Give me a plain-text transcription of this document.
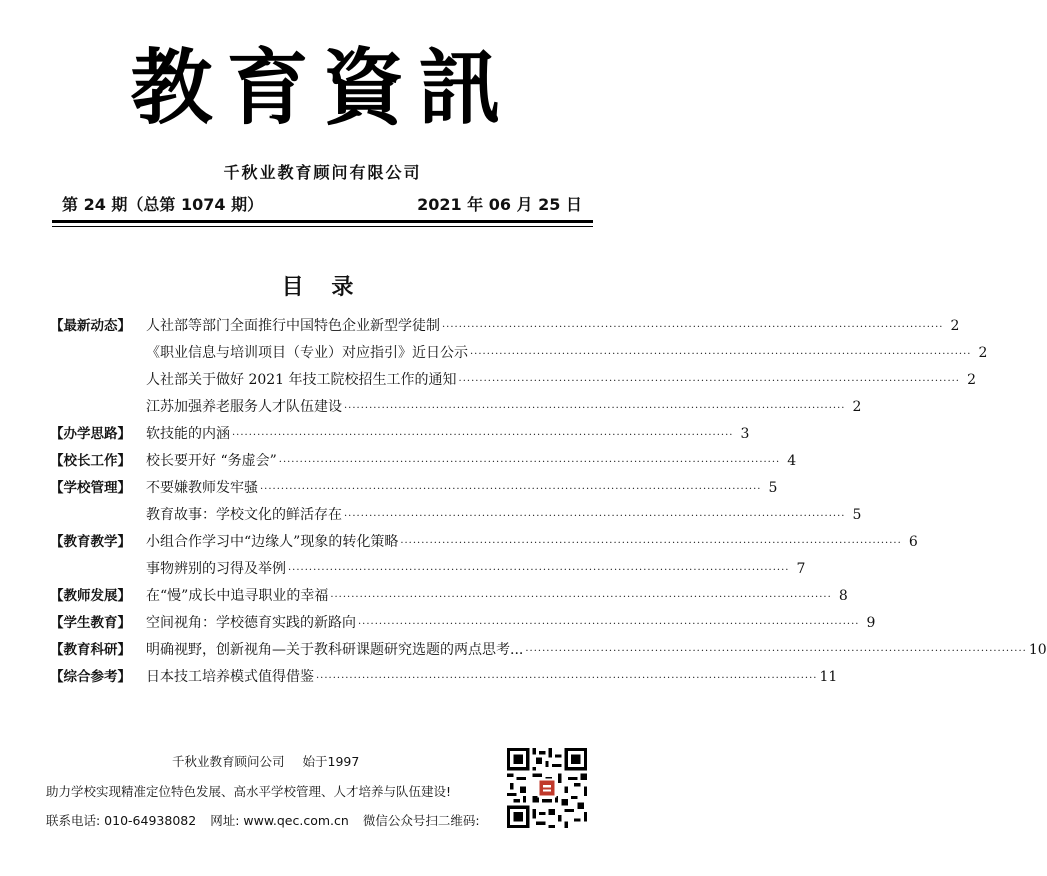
教育資訊
千秋业教育顾问有限公司
第 24 期（总第 1074 期）	2021 年 06 月 25 日
目 录
【最新动态】	人社部等部门全面推行中国特色企业新型学徒制 ························································································································ 2
《职业信息与培训项目（专业）对应指引》近日公示 ························································································································ 2
人社部关于做好 2021 年技工院校招生工作的通知 ························································································································ 2
江苏加强养老服务人才队伍建设 ························································································································ 2
【办学思路】	软技能的内涵 ························································································································ 3
【校长工作】	校长要开好 “务虚会” ························································································································ 4
【学校管理】	不要嫌教师发牢骚 ························································································································ 5
教育故事：学校文化的鲜活存在 ························································································································ 5
【教育教学】	小组合作学习中“边缘人”现象的转化策略 ························································································································ 6
事物辨别的习得及举例 ························································································································ 7
【教师发展】	在“慢”成长中追寻职业的幸福 ························································································································ 8
【学生教育】	空间视角：学校德育实践的新路向 ························································································································ 9
【教育科研】	明确视野，创新视角—关于教科研课题研究选题的两点思考... ························································································································ 10
【综合参考】	日本技工培养模式值得借鉴 ························································································································ 11
千秋业教育顾问公司 始于1997
助力学校实现精准定位特色发展、高水平学校管理、人才培养与队伍建设!
联系电话: 010-64938082 网址: www.qec.com.cn 微信公众号扫二维码:
